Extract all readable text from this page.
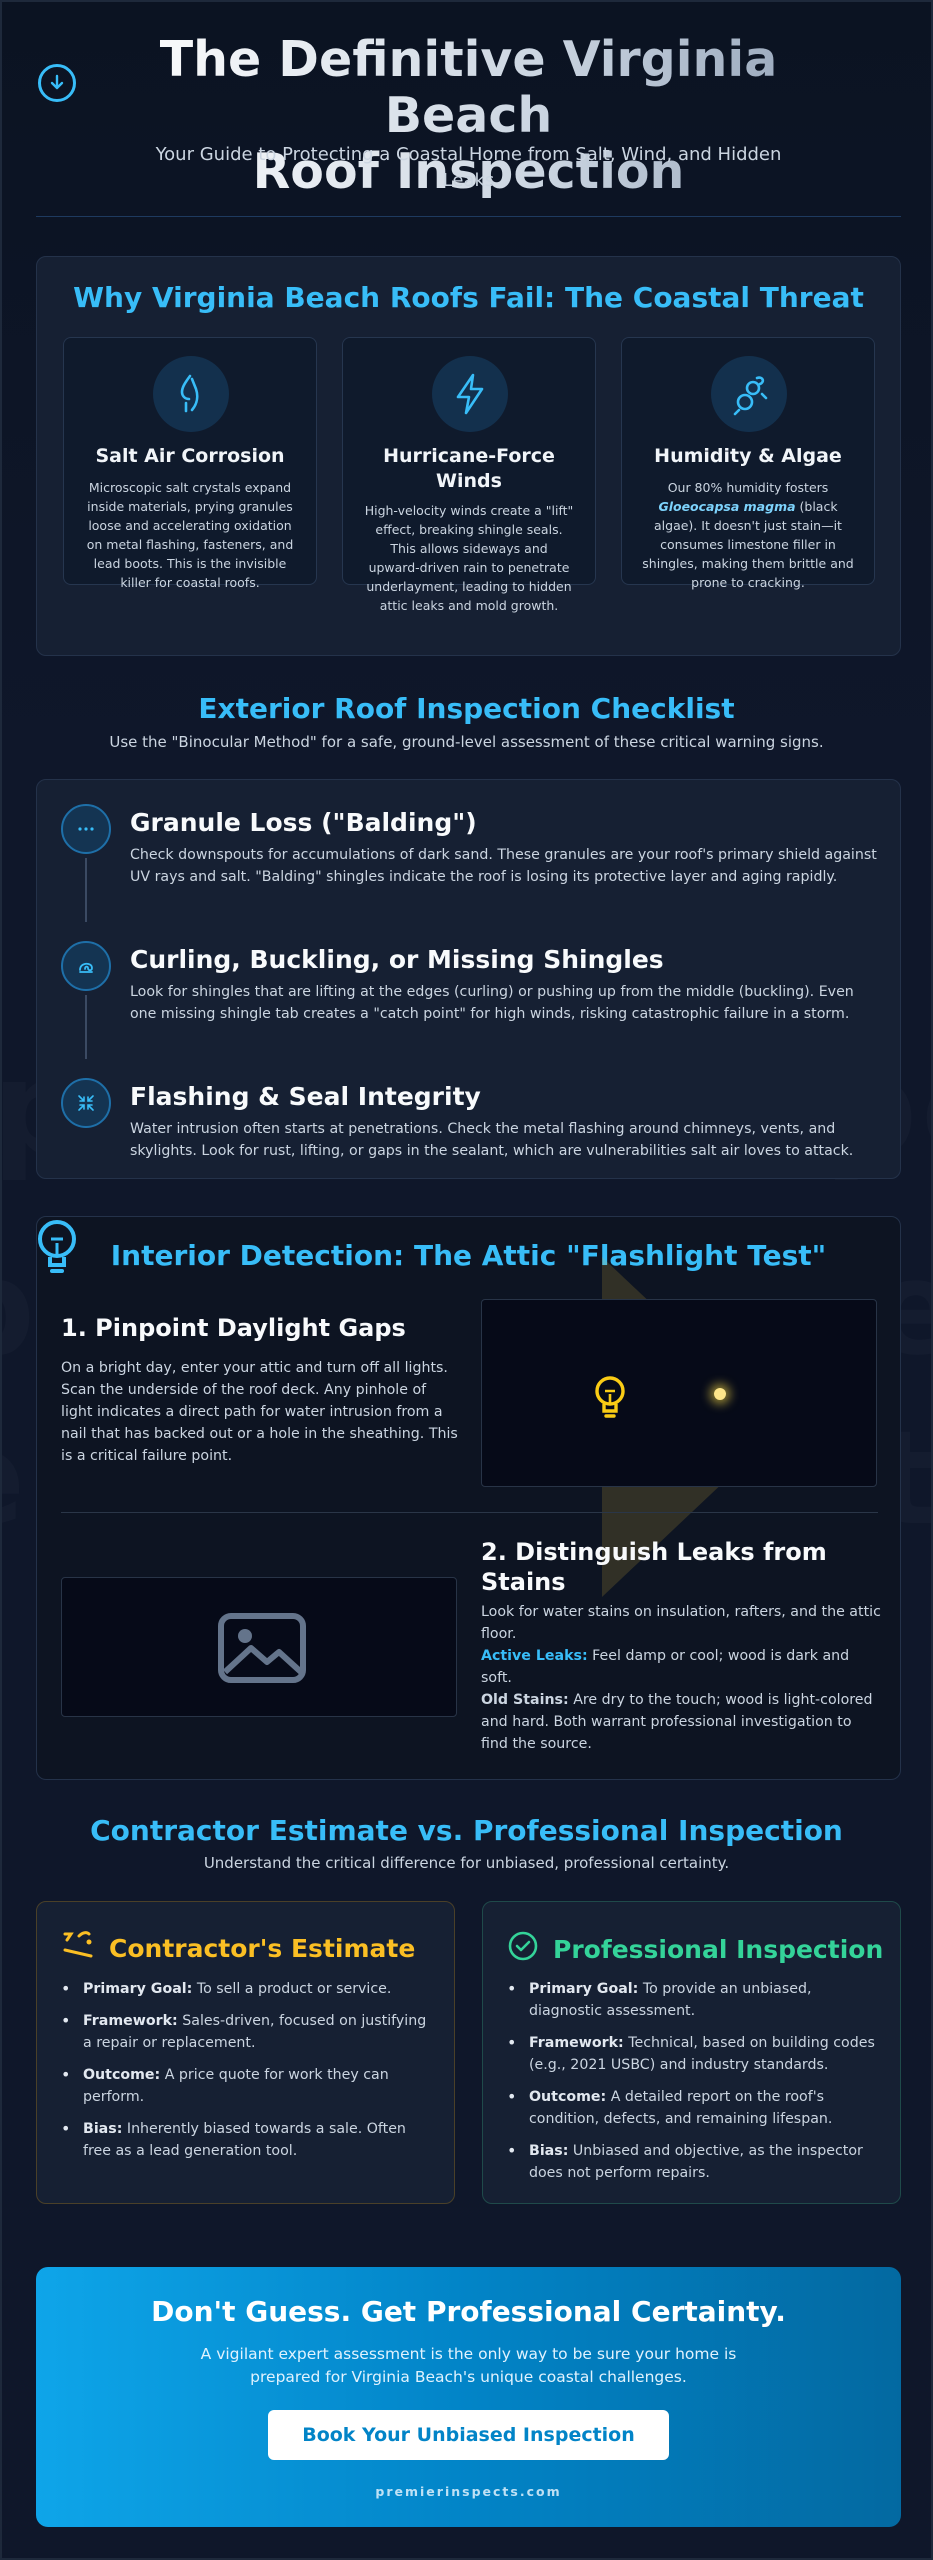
The Definitive Virginia Beach
Roof Inspection

Your Guide to Protecting a Coastal Home from Salt, Wind, and Hidden Leaks

Why Virginia Beach Roofs Fail: The Coastal Threat
Salt Air Corrosion

Microscopic salt crystals expand inside materials, prying granules loose and accelerating oxidation on metal flashing, fasteners, and lead boots. This is the invisible killer for coastal roofs.

Hurricane-Force Winds

High-velocity winds create a "lift" effect, breaking shingle seals. This allows sideways and upward-driven rain to penetrate underlayment, leading to hidden attic leaks and mold growth.

Humidity & Algae

Our 80% humidity fosters Gloeocapsa magma (black algae). It doesn't just stain—it consumes limestone filler in shingles, making them brittle and prone to cracking.

Exterior Roof Inspection Checklist

Use the "Binocular Method" for a safe, ground-level assessment of these critical warning signs.

Granule Loss ("Balding")

Check downspouts for accumulations of dark sand. These granules are your roof's primary shield against UV rays and salt. "Balding" shingles indicate the roof is losing its protective layer and aging rapidly.

Curling, Buckling, or Missing Shingles

Look for shingles that are lifting at the edges (curling) or pushing up from the middle (buckling). Even one missing shingle tab creates a "catch point" for high winds, risking catastrophic failure in a storm.

Flashing & Seal Integrity

Water intrusion often starts at penetrations. Check the metal flashing around chimneys, vents, and skylights. Look for rust, lifting, or gaps in the sealant, which are vulnerabilities salt air loves to attack.

Interior Detection: The Attic "Flashlight Test"
1. Pinpoint Daylight Gaps

On a bright day, enter your attic and turn off all lights. Scan the underside of the roof deck. Any pinhole of light indicates a direct path for water intrusion from a nail that has backed out or a hole in the sheathing. This is a critical failure point.

2. Distinguish Leaks from Stains

Look for water stains on insulation, rafters, and the attic floor.
Active Leaks: Feel damp or cool; wood is dark and soft.
Old Stains: Are dry to the touch; wood is light-colored and hard. Both warrant professional investigation to find the source.

Contractor Estimate vs. Professional Inspection

Understand the critical difference for unbiased, professional certainty.

Contractor's Estimate
• Primary Goal: To sell a product or service.
• Framework: Sales-driven, focused on justifying a repair or replacement.
• Outcome: A price quote for work they can perform.
• Bias: Inherently biased towards a sale. Often free as a lead generation tool.
Professional Inspection
• Primary Goal: To provide an unbiased, diagnostic assessment.
• Framework: Technical, based on building codes (e.g., 2021 USBC) and industry standards.
• Outcome: A detailed report on the roof's condition, defects, and remaining lifespan.
• Bias: Unbiased and objective, as the inspector does not perform repairs.
Don't Guess. Get Professional Certainty.

A vigilant expert assessment is the only way to be sure your home is prepared for Virginia Beach's unique coastal challenges.

Book Your Unbiased Inspection
premierinspects.com
